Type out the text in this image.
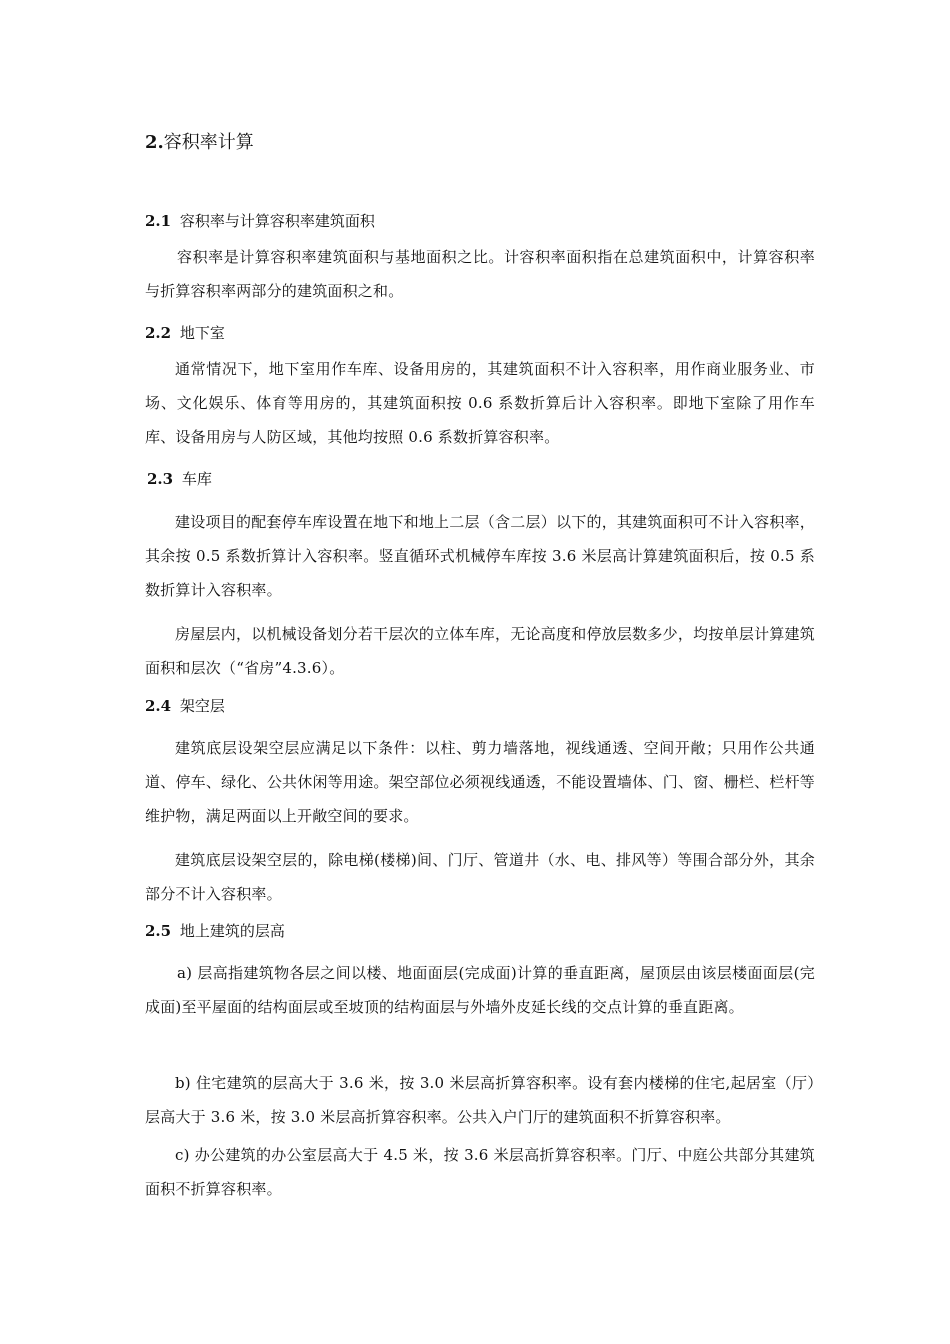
2.容积率计算
2.1 容积率与计算容积率建筑面积

容积率是计算容积率建筑面积与基地面积之比。计容积率面积指在总建筑面积中，计算容积率与折算容积率两部分的建筑面积之和。

2.2 地下室

通常情况下，地下室用作车库、设备用房的，其建筑面积不计入容积率，用作商业服务业、市场、文化娱乐、体育等用房的，其建筑面积按 0.6 系数折算后计入容积率。即地下室除了用作车库、设备用房与人防区域，其他均按照 0.6 系数折算容积率。

2.3 车库

建设项目的配套停车库设置在地下和地上二层（含二层）以下的，其建筑面积可不计入容积率，其余按 0.5 系数折算计入容积率。竖直循环式机械停车库按 3.6 米层高计算建筑面积后，按 0.5 系数折算计入容积率。

房屋层内，以机械设备划分若干层次的立体车库，无论高度和停放层数多少，均按单层计算建筑面积和层次（“省房”4.3.6）。

2.4 架空层

建筑底层设架空层应满足以下条件：以柱、剪力墙落地，视线通透、空间开敞；只用作公共通道、停车、绿化、公共休闲等用途。架空部位必须视线通透，不能设置墙体、门、窗、栅栏、栏杆等维护物，满足两面以上开敞空间的要求。

建筑底层设架空层的，除电梯(楼梯)间、门厅、管道井（水、电、排风等）等围合部分外，其余部分不计入容积率。

2.5 地上建筑的层高

a) 层高指建筑物各层之间以楼、地面面层(完成面)计算的垂直距离，屋顶层由该层楼面面层(完成面)至平屋面的结构面层或至坡顶的结构面层与外墙外皮延长线的交点计算的垂直距离。

b) 住宅建筑的层高大于 3.6 米，按 3.0 米层高折算容积率。设有套内楼梯的住宅,起居室（厅）层高大于 3.6 米，按 3.0 米层高折算容积率。公共入户门厅的建筑面积不折算容积率。

c) 办公建筑的办公室层高大于 4.5 米，按 3.6 米层高折算容积率。门厅、中庭公共部分其建筑面积不折算容积率。
